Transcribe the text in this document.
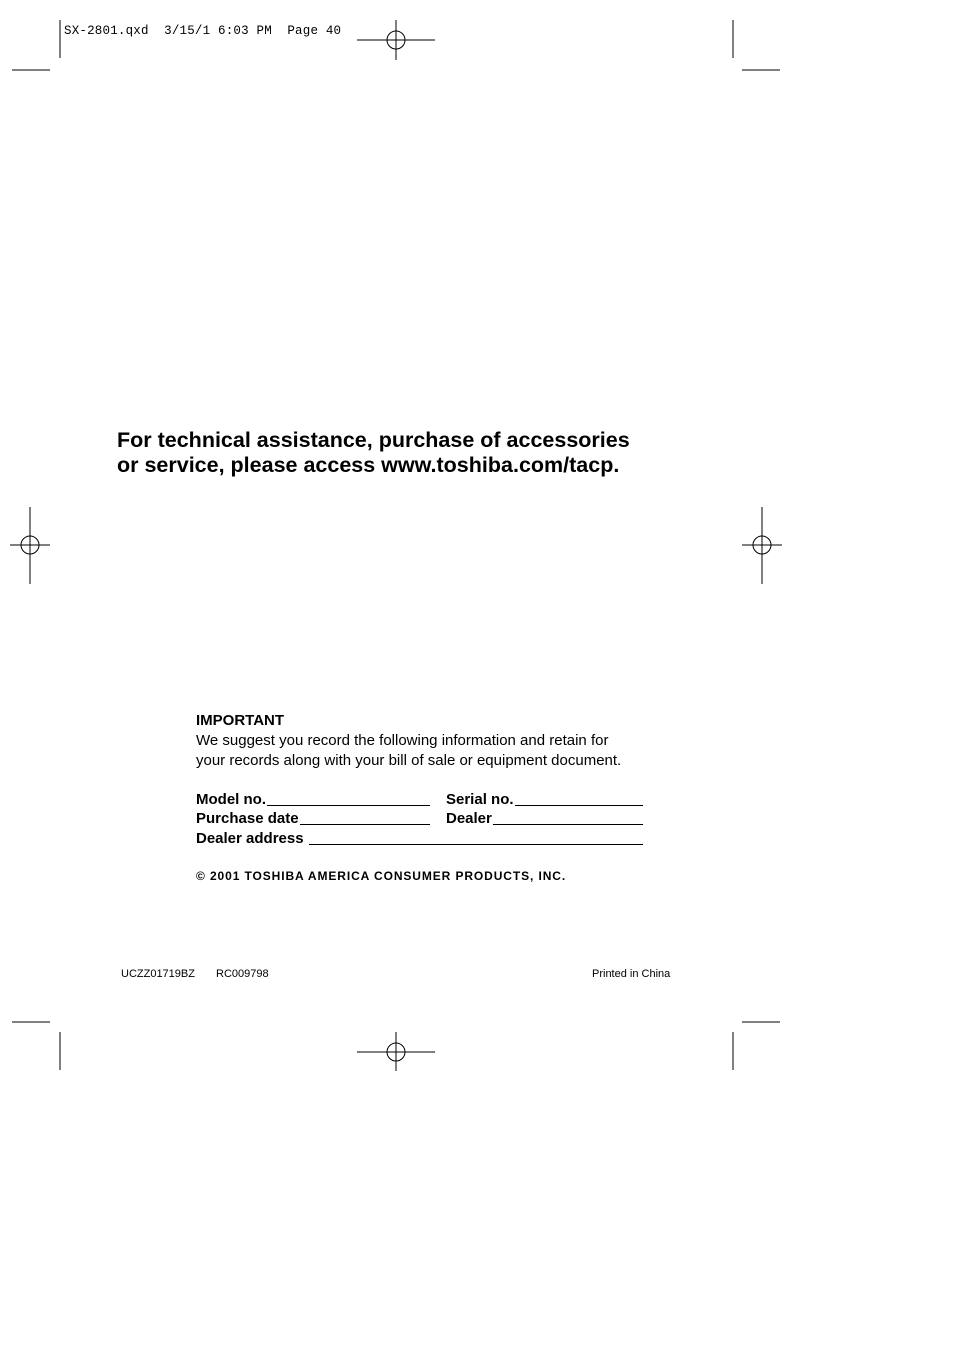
SX-2801.qxd  3/15/1 6:03 PM  Page 40
For technical assistance, purchase of accessories
or service, please access www.toshiba.com/tacp.
IMPORTANT
We suggest you record the following information and retain for
your records along with your bill of sale or equipment document.
Model no.	Serial no.
Purchase date	Dealer
Dealer address
© 2001 TOSHIBA AMERICA CONSUMER PRODUCTS, INC.
UCZZ01719BZ RC009798	Printed in China
